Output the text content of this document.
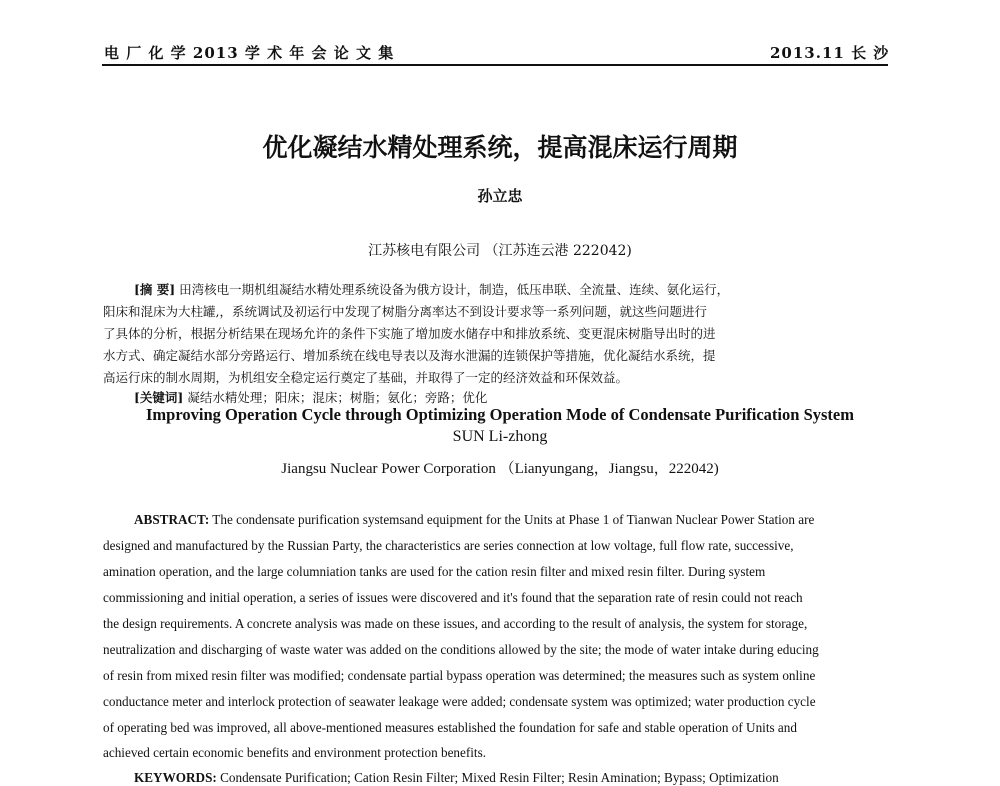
电 厂 化 学 2013 学 术 年 会 论 文 集	2013.11 长 沙
优化凝结水精处理系统，提高混床运行周期
孙立忠
江苏核电有限公司 （江苏连云港 222042)
[摘 要] 田湾核电一期机组凝结水精处理系统设备为俄方设计，制造，低压串联、全流量、连续、氨化运行，
阳床和混床为大柱罐,，系统调试及初运行中发现了树脂分离率达不到设计要求等一系列问题，就这些问题进行
了具体的分析，根据分析结果在现场允许的条件下实施了增加废水储存中和排放系统、变更混床树脂导出时的进
水方式、确定凝结水部分旁路运行、增加系统在线电导表以及海水泄漏的连锁保护等措施，优化凝结水系统，提
高运行床的制水周期，为机组安全稳定运行奠定了基础，并取得了一定的经济效益和环保效益。
[关键词] 凝结水精处理；阳床；混床；树脂；氨化；旁路；优化
Improving Operation Cycle through Optimizing Operation Mode of Condensate Purification System
SUN Li-zhong
Jiangsu Nuclear Power Corporation （Lianyungang，Jiangsu，222042)
ABSTRACT: The condensate purification systemsand equipment for the Units at Phase 1 of Tianwan Nuclear Power Station are
designed and manufactured by the Russian Party, the characteristics are series connection at low voltage, full flow rate, successive,
amination operation, and the large columniation tanks are used for the cation resin filter and mixed resin filter. During system
commissioning and initial operation, a series of issues were discovered and it's found that the separation rate of resin could not reach
the design requirements. A concrete analysis was made on these issues, and according to the result of analysis, the system for storage,
neutralization and discharging of waste water was added on the conditions allowed by the site; the mode of water intake during educing
of resin from mixed resin filter was modified; condensate partial bypass operation was determined; the measures such as system online
conductance meter and interlock protection of seawater leakage were added; condensate system was optimized; water production cycle
of operating bed was improved, all above-mentioned measures established the foundation for safe and stable operation of Units and
achieved certain economic benefits and environment protection benefits.
KEYWORDS: Condensate Purification; Cation Resin Filter; Mixed Resin Filter; Resin Amination; Bypass; Optimization
